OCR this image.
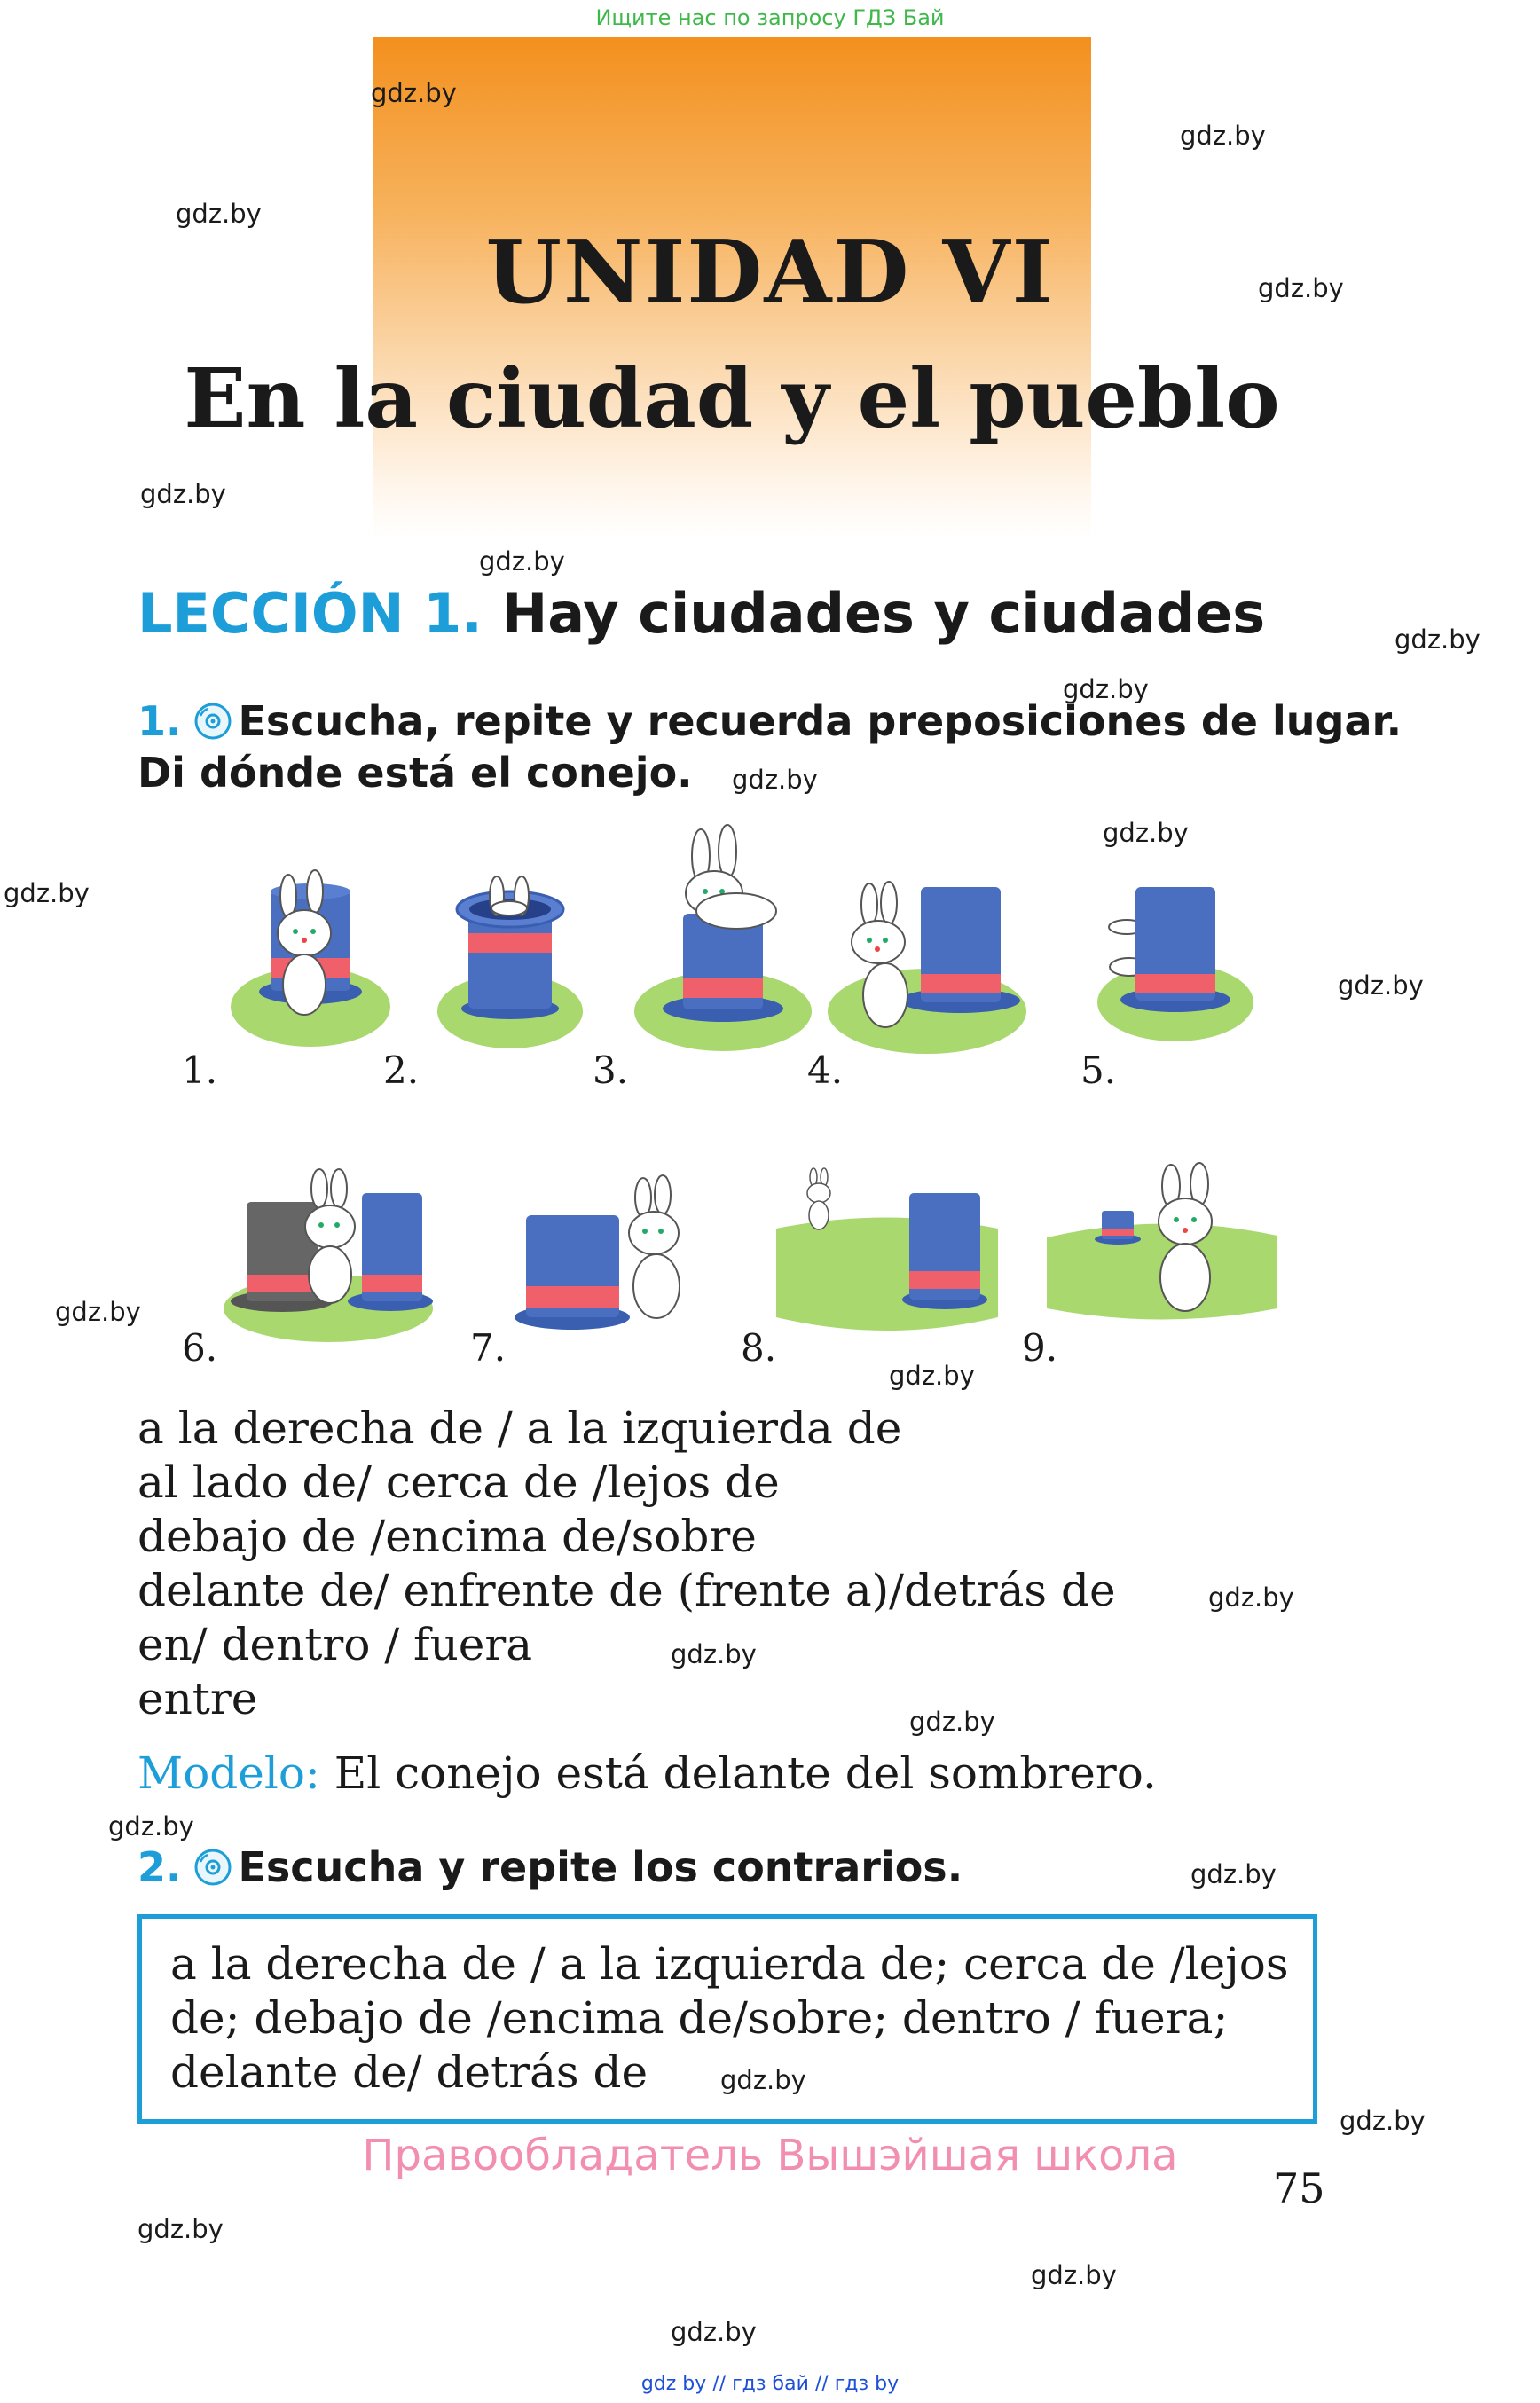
Ищите нас по запросу ГДЗ Бай
UNIDAD VI
En la ciudad y el pueblo
gdz.by
gdz.by
gdz.by
gdz.by
gdz.by
gdz.by
gdz.by
gdz.by
gdz.by
gdz.by
gdz.by
gdz.by
gdz.by
gdz.by
gdz.by
gdz.by
gdz.by
gdz.by
gdz.by
gdz.by
gdz.by
gdz.by
gdz.by
gdz.by
LECCIÓN 1. Hay ciudades y ciudades
1. Escucha, repite y recuerda preposiciones de lugar.
Di dónde está el conejo.
1.	2.	3.	4.	5.
6.	7.	8.	9.
a la derecha de / a la izquierda de
al lado de/ cerca de /lejos de
debajo de /encima de/sobre
delante de/ enfrente de (frente a)/detrás de
en/ dentro / fuera
entre
Modelo: El conejo está delante del sombrero.
2. Escucha y repite los contrarios.
a la derecha de / a la izquierda de; cerca de /lejos
de; debajo de /encima de/sobre; dentro / fuera;
delante de/ detrás de
Правообладатель Вышэйшая школа
75
gdz by // гдз бай // гдз by
